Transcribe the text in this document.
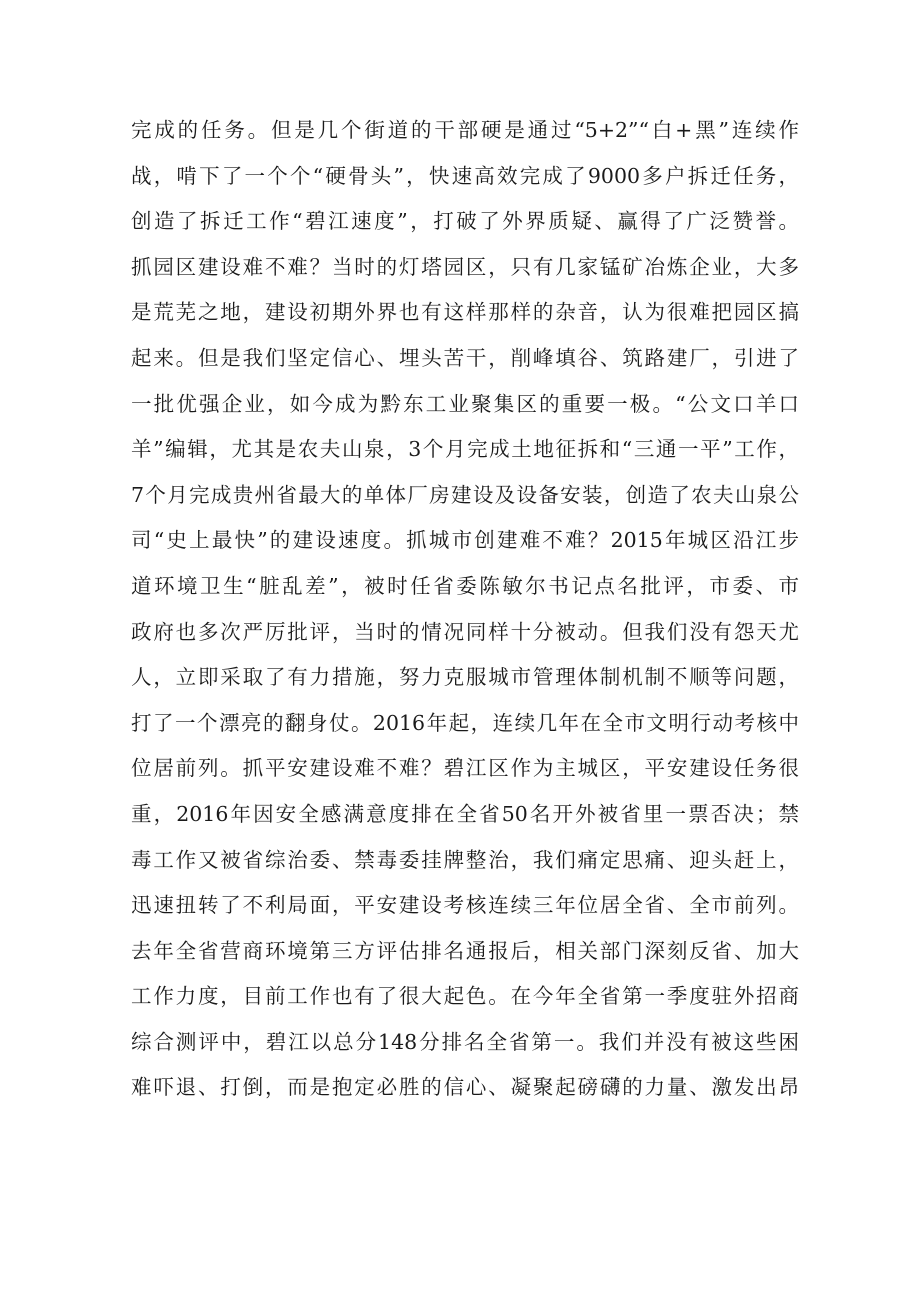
完成的任务。但是几个街道的干部硬是通过“5+2”“白+黑”连续作
战，啃下了一个个“硬骨头”，快速高效完成了9000多户拆迁任务，
创造了拆迁工作“碧江速度”，打破了外界质疑、赢得了广泛赞誉。
抓园区建设难不难？当时的灯塔园区，只有几家锰矿冶炼企业，大多
是荒芜之地，建设初期外界也有这样那样的杂音，认为很难把园区搞
起来。但是我们坚定信心、埋头苦干，削峰填谷、筑路建厂，引进了
一批优强企业，如今成为黔东工业聚集区的重要一极。“公文口羊口
羊”编辑，尤其是农夫山泉，3个月完成土地征拆和“三通一平”工作，
7个月完成贵州省最大的单体厂房建设及设备安装，创造了农夫山泉公
司“史上最快”的建设速度。抓城市创建难不难？2015年城区沿江步
道环境卫生“脏乱差”，被时任省委陈敏尔书记点名批评，市委、市
政府也多次严厉批评，当时的情况同样十分被动。但我们没有怨天尤
人，立即采取了有力措施，努力克服城市管理体制机制不顺等问题，
打了一个漂亮的翻身仗。2016年起，连续几年在全市文明行动考核中
位居前列。抓平安建设难不难？碧江区作为主城区，平安建设任务很
重，2016年因安全感满意度排在全省50名开外被省里一票否决；禁
毒工作又被省综治委、禁毒委挂牌整治，我们痛定思痛、迎头赶上，
迅速扭转了不利局面，平安建设考核连续三年位居全省、全市前列。
去年全省营商环境第三方评估排名通报后，相关部门深刻反省、加大
工作力度，目前工作也有了很大起色。在今年全省第一季度驻外招商
综合测评中，碧江以总分148分排名全省第一。我们并没有被这些困
难吓退、打倒，而是抱定必胜的信心、凝聚起磅礴的力量、激发出昂
